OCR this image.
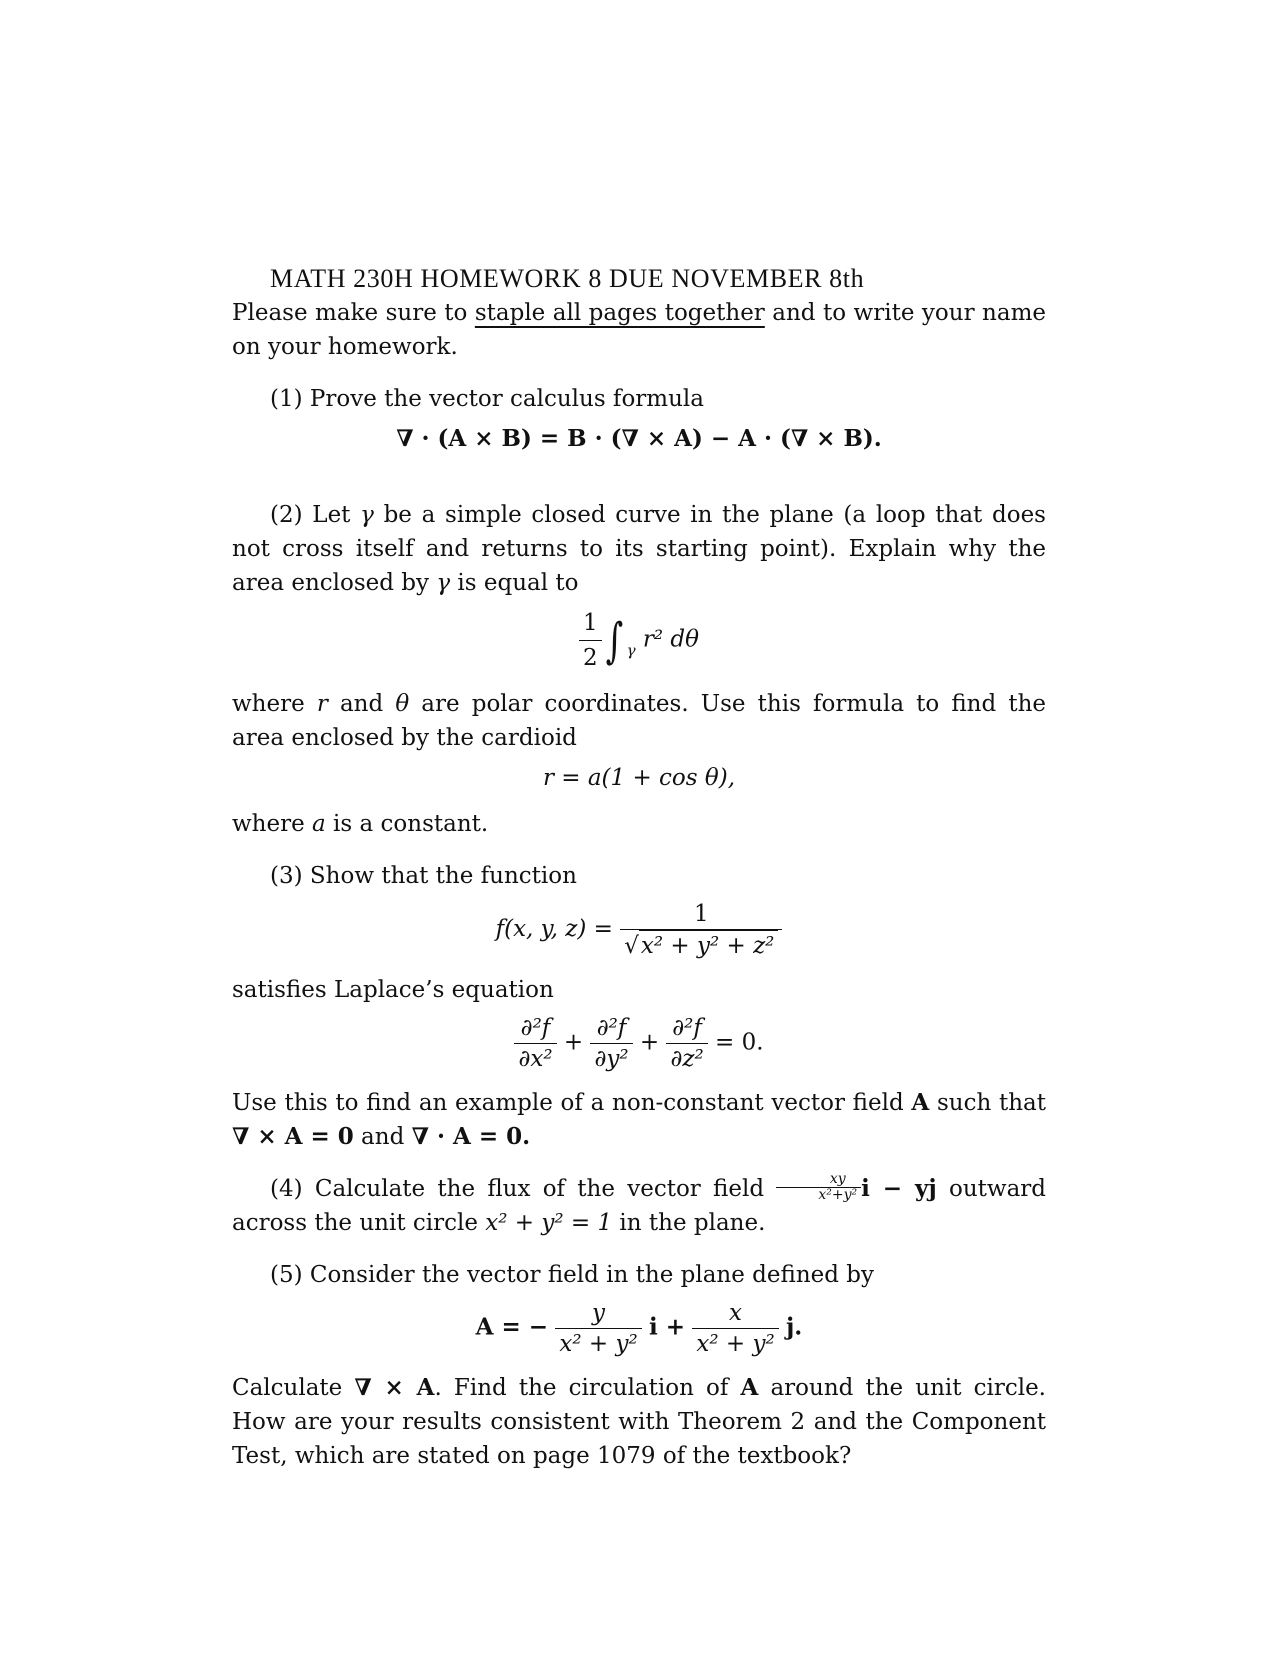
MATH 230H HOMEWORK 8 DUE NOVEMBER 8th

Please make sure to staple all pages together and to write your name on your homework.

(1) Prove the vector calculus formula

∇ · (A × B) = B · (∇ × A) − A · (∇ × B).

(2) Let γ be a simple closed curve in the plane (a loop that does not cross itself and returns to its starting point). Explain why the area enclosed by γ is equal to

$\frac{1}{2}$ ∫ $_\gamma$ r² dθ

where r and θ are polar coordinates. Use this formula to find the area enclosed by the cardioid

r = a(1 + cos θ),

where a is a constant.

(3) Show that the function

f(x, y, $z) = \frac{1}{\text{√x² + y² + z²}}$

satisfies Laplace’s equation

$\frac{\text{∂²f}}{\text{∂x²}} + \frac{\text{∂²f}}{\text{∂y²}} + \frac{\text{∂²f}}{\text{∂z²}} = 0$.

Use this to find an example of a non-constant vector field A such that ∇ × A = 0 and ∇ · A = 0.

(4) Calculate the flux of the vector field $\frac{xy}{\text{x²+y²}}$ i − yj outward across the unit circle x² + y² = 1 in the plane.

(5) Consider the vector field in the plane defined by

A = − $\frac{y}{\text{x² + y²}}$ $i + \frac{x}{\text{x² + y²}} j$.

Calculate ∇ × A. Find the circulation of A around the unit circle. How are your results consistent with Theorem 2 and the Component Test, which are stated on page 1079 of the textbook?
